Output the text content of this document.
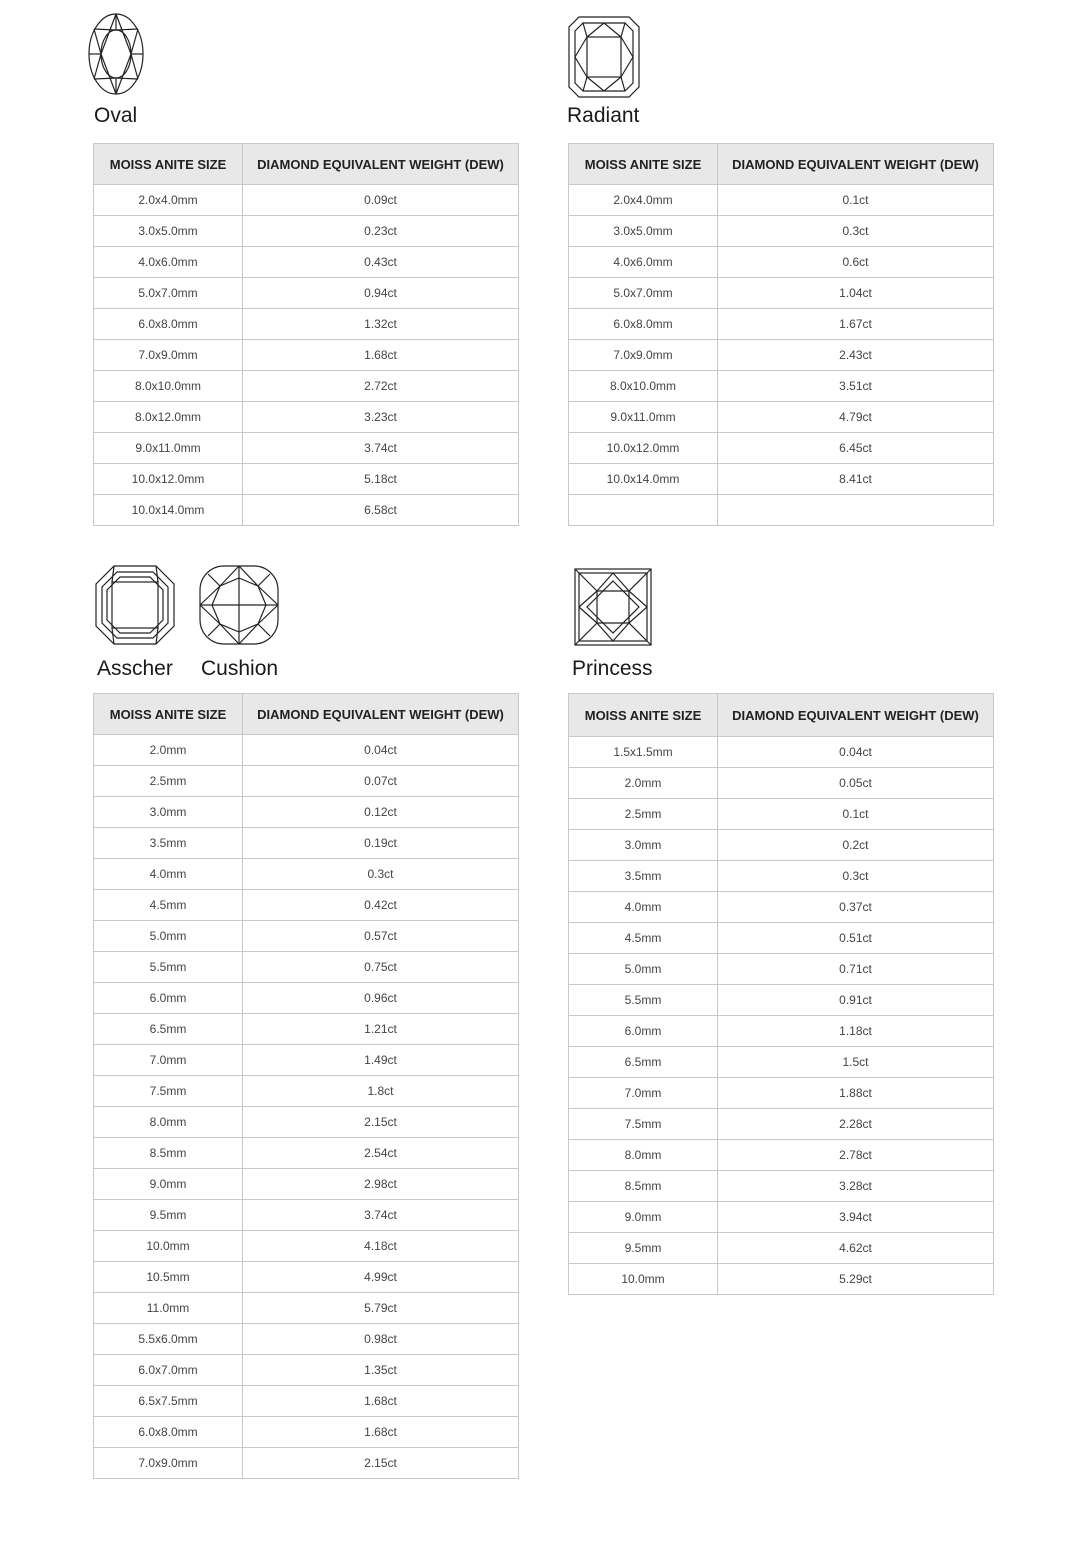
Oval
MOISS ANITE SIZE	DIAMOND EQUIVALENT WEIGHT (DEW)
2.0x4.0mm	0.09ct
3.0x5.0mm	0.23ct
4.0x6.0mm	0.43ct
5.0x7.0mm	0.94ct
6.0x8.0mm	1.32ct
7.0x9.0mm	1.68ct
8.0x10.0mm	2.72ct
8.0x12.0mm	3.23ct
9.0x11.0mm	3.74ct
10.0x12.0mm	5.18ct
10.0x14.0mm	6.58ct
Radiant
MOISS ANITE SIZE	DIAMOND EQUIVALENT WEIGHT (DEW)
2.0x4.0mm	0.1ct
3.0x5.0mm	0.3ct
4.0x6.0mm	0.6ct
5.0x7.0mm	1.04ct
6.0x8.0mm	1.67ct
7.0x9.0mm	2.43ct
8.0x10.0mm	3.51ct
9.0x11.0mm	4.79ct
10.0x12.0mm	6.45ct
10.0x14.0mm	8.41ct

Asscher Cushion
MOISS ANITE SIZE	DIAMOND EQUIVALENT WEIGHT (DEW)
2.0mm	0.04ct
2.5mm	0.07ct
3.0mm	0.12ct
3.5mm	0.19ct
4.0mm	0.3ct
4.5mm	0.42ct
5.0mm	0.57ct
5.5mm	0.75ct
6.0mm	0.96ct
6.5mm	1.21ct
7.0mm	1.49ct
7.5mm	1.8ct
8.0mm	2.15ct
8.5mm	2.54ct
9.0mm	2.98ct
9.5mm	3.74ct
10.0mm	4.18ct
10.5mm	4.99ct
11.0mm	5.79ct
5.5x6.0mm	0.98ct
6.0x7.0mm	1.35ct
6.5x7.5mm	1.68ct
6.0x8.0mm	1.68ct
7.0x9.0mm	2.15ct
Princess
MOISS ANITE SIZE	DIAMOND EQUIVALENT WEIGHT (DEW)
1.5x1.5mm	0.04ct
2.0mm	0.05ct
2.5mm	0.1ct
3.0mm	0.2ct
3.5mm	0.3ct
4.0mm	0.37ct
4.5mm	0.51ct
5.0mm	0.71ct
5.5mm	0.91ct
6.0mm	1.18ct
6.5mm	1.5ct
7.0mm	1.88ct
7.5mm	2.28ct
8.0mm	2.78ct
8.5mm	3.28ct
9.0mm	3.94ct
9.5mm	4.62ct
10.0mm	5.29ct
